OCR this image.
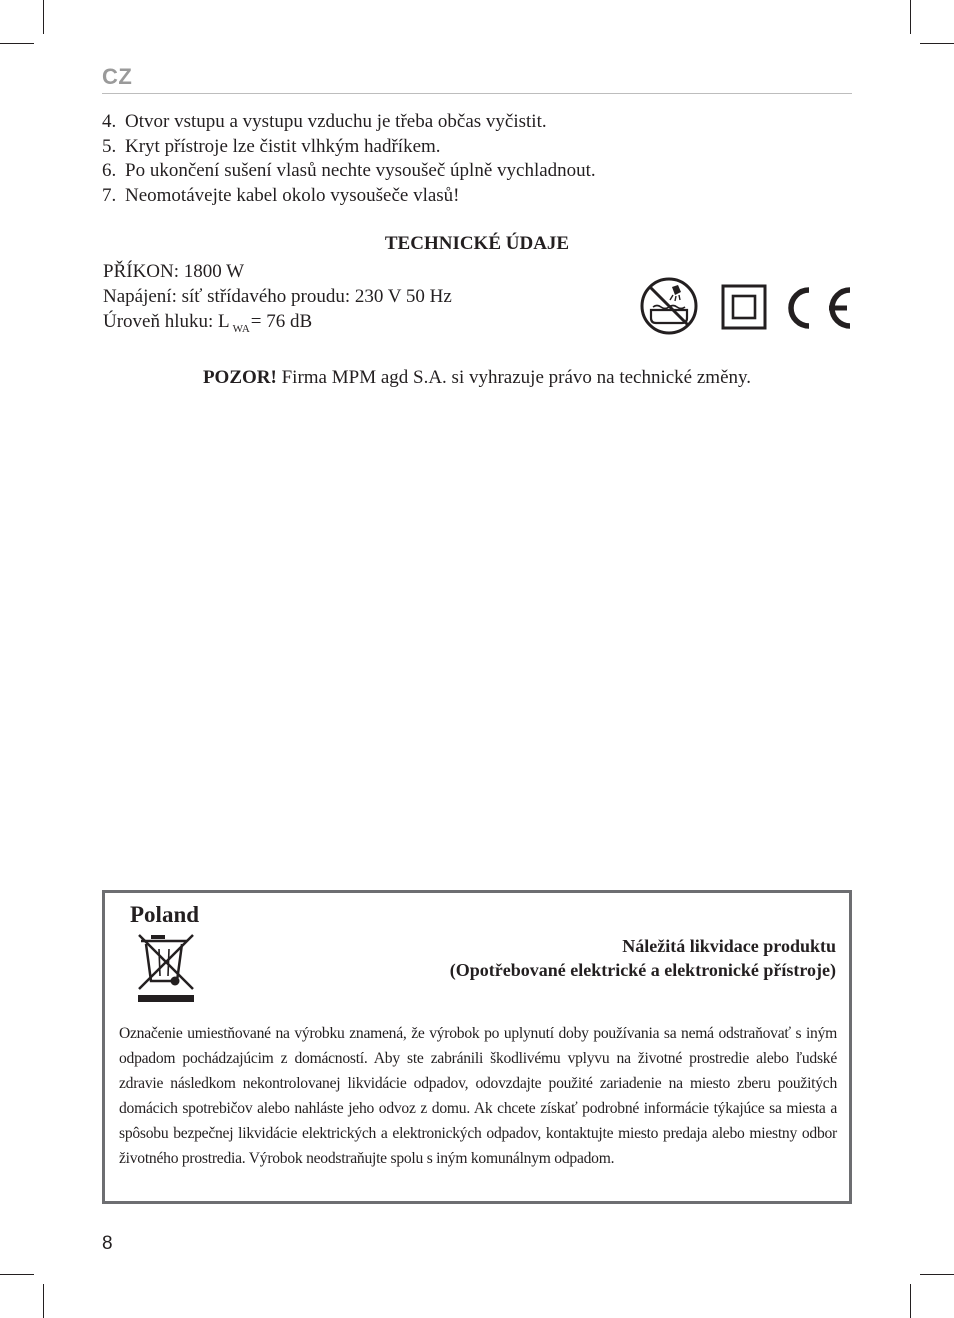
CZ
4. Otvor vstupu a vystupu vzduchu je třeba občas vyčistit.
5. Kryt přístroje lze čistit vlhkým hadříkem.
6. Po ukončení sušení vlasů nechte vysoušeč úplně vychladnout.
7. Neomotávejte kabel okolo vysoušeče vlasů!
TECHNICKÉ ÚDAJE
PŘÍKON: 1800 W
Napájení: síť střídavého proudu: 230 V 50 Hz
Úroveň hluku: L $_{WA}$= 76 dB
POZOR! Firma MPM agd S.A. si vyhrazuje právo na technické změny.
Poland
Náležitá likvidace produktu
(Opotřebované elektrické a elektronické přístroje)
Označenie umiestňované na výrobku znamená, že výrobok po uplynutí doby používania sa nemá odstraňovať s iným odpadom pochádzajúcim z domácností. Aby ste zabránili škodlivému vplyvu na životné prostredie alebo ľudské zdravie následkom nekontrolovanej likvidácie odpadov, odovzdajte použité zariadenie na miesto zberu použitých domácich spotrebičov alebo nahláste jeho odvoz z domu. Ak chcete získať podrobné informácie týkajúce sa miesta a spôsobu bezpečnej likvidácie elektrických a elektronických odpadov, kontaktujte miesto predaja alebo miestny odbor životného prostredia. Výrobok neodstraňujte spolu s iným komunálnym odpadom.
8
